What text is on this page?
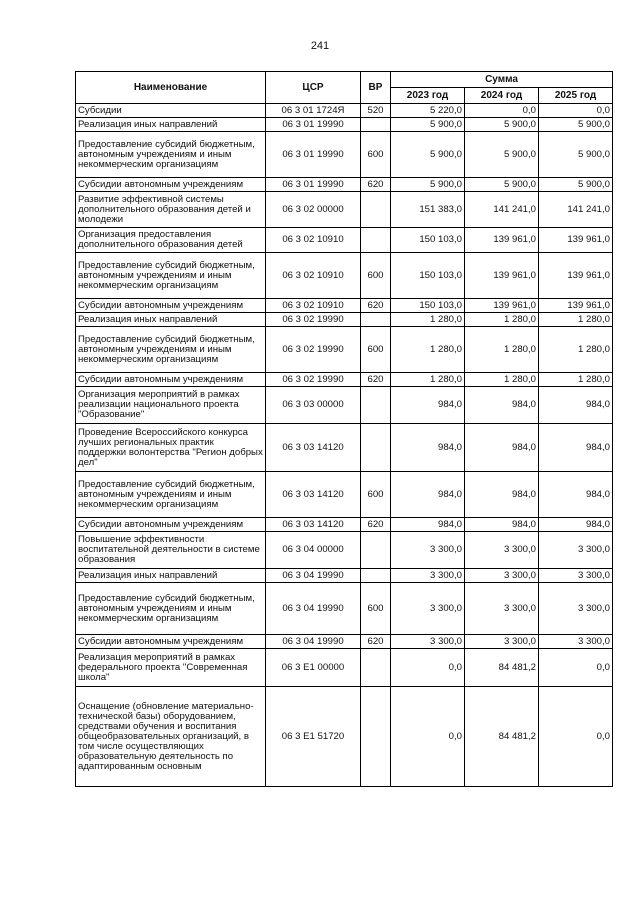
241
Наименование	ЦСР	ВР	Сумма		
			2023 год	2024 год	2025 год
Субсидии	06 3 01 1724Я	520	5 220,0	0,0	0,0
Реализация иных направлений	06 3 01 19990		5 900,0	5 900,0	5 900,0
Предоставление субсидий бюджетным, автономным учреждениям и иным некоммерческим организациям	06 3 01 19990	600	5 900,0	5 900,0	5 900,0
Субсидии автономным учреждениям	06 3 01 19990	620	5 900,0	5 900,0	5 900,0
Развитие эффективной системы дополнительного образования детей и молодежи	06 3 02 00000		151 383,0	141 241,0	141 241,0
Организация предоставления дополнительного образования детей	06 3 02 10910		150 103,0	139 961,0	139 961,0
Предоставление субсидий бюджетным, автономным учреждениям и иным некоммерческим организациям	06 3 02 10910	600	150 103,0	139 961,0	139 961,0
Субсидии автономным учреждениям	06 3 02 10910	620	150 103,0	139 961,0	139 961,0
Реализация иных направлений	06 3 02 19990		1 280,0	1 280,0	1 280,0
Предоставление субсидий бюджетным, автономным учреждениям и иным некоммерческим организациям	06 3 02 19990	600	1 280,0	1 280,0	1 280,0
Субсидии автономным учреждениям	06 3 02 19990	620	1 280,0	1 280,0	1 280,0
Организация мероприятий в рамках реализации национального проекта "Образование"	06 3 03 00000		984,0	984,0	984,0
Проведение Всероссийского конкурса лучших региональных практик поддержки волонтерства "Регион добрых дел"	06 3 03 14120		984,0	984,0	984,0
Предоставление субсидий бюджетным, автономным учреждениям и иным некоммерческим организациям	06 3 03 14120	600	984,0	984,0	984,0
Субсидии автономным учреждениям	06 3 03 14120	620	984,0	984,0	984,0
Повышение эффективности воспитательной деятельности в системе образования	06 3 04 00000		3 300,0	3 300,0	3 300,0
Реализация иных направлений	06 3 04 19990		3 300,0	3 300,0	3 300,0
Предоставление субсидий бюджетным, автономным учреждениям и иным некоммерческим организациям	06 3 04 19990	600	3 300,0	3 300,0	3 300,0
Субсидии автономным учреждениям	06 3 04 19990	620	3 300,0	3 300,0	3 300,0
Реализация мероприятий в рамках федерального проекта "Современная школа"	06 3 E1 00000		0,0	84 481,2	0,0
Оснащение (обновление материально-технической базы) оборудованием, средствами обучения и воспитания общеобразовательных организаций, в том числе осуществляющих образовательную деятельность по адаптированным основным	06 3 E1 51720		0,0	84 481,2	0,0
